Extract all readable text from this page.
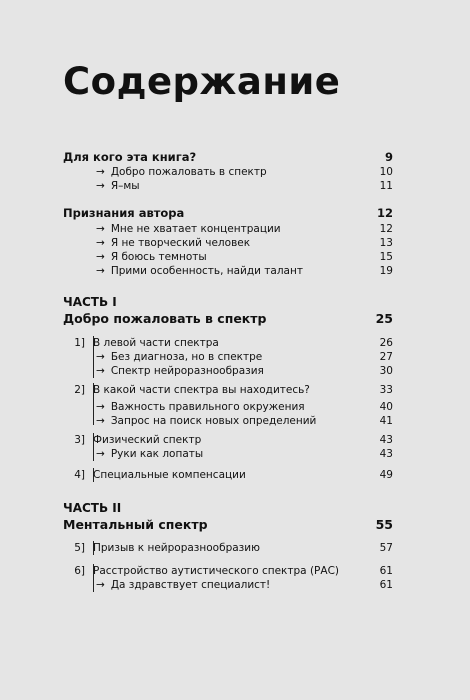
Содержание
Для кого эта книга?	9
→ Добро пожаловать в спектр	10
→ Я–мы	11
Признания автора	12
→ Мне не хватает концентрации	12
→ Я не творческий человек	13
→ Я боюсь темноты	15
→ Прими особенность, найди талант	19
ЧАСТЬ I
Добро пожаловать в спектр	25
1] В левой части спектра	26
→ Без диагноза, но в спектре	27
→ Спектр нейроразнообразия	30
2] В какой части спектра вы находитесь?	33
→ Важность правильного окружения	40
→ Запрос на поиск новых определений	41
3] Физический спектр	43
→ Руки как лопаты	43
4] Специальные компенсации	49
ЧАСТЬ II
Ментальный спектр	55
5] Призыв к нейроразнообразию	57
6] Расстройство аутистического спектра (РАС)	61
→ Да здравствует специалист!	61
